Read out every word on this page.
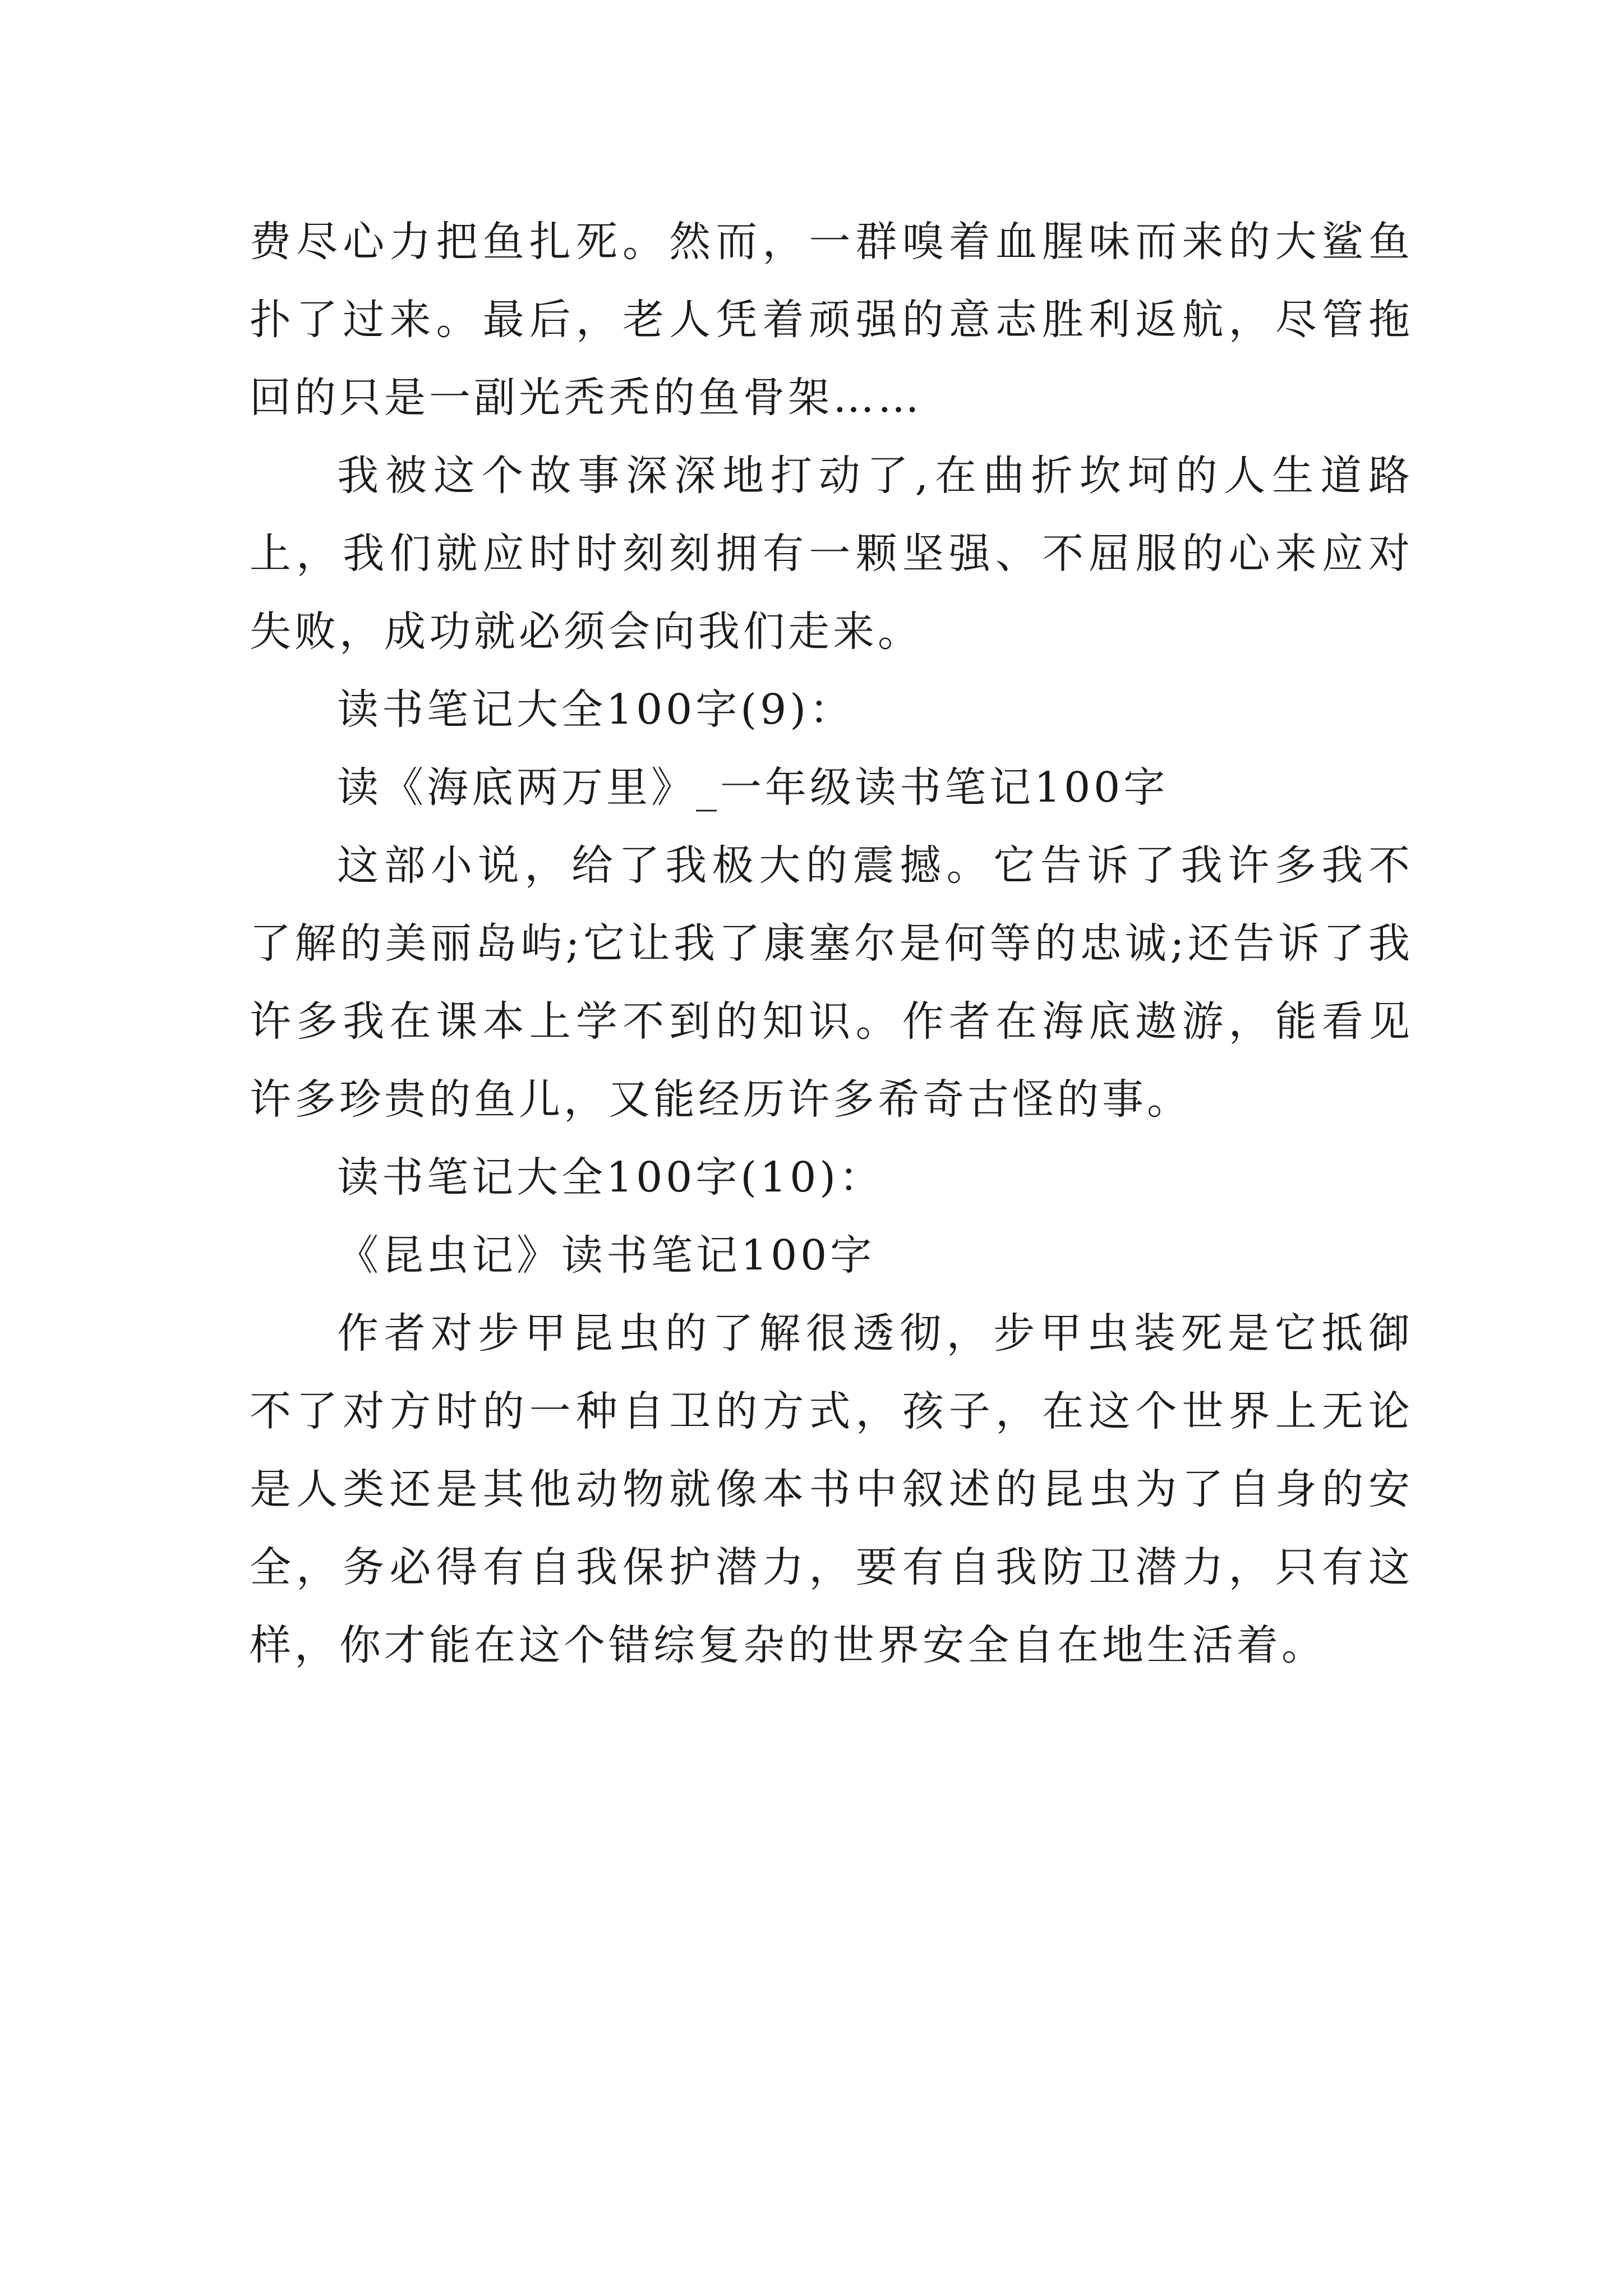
费尽心力把鱼扎死。然而，一群嗅着血腥味而来的大鲨鱼扑了过来。最后，老人凭着顽强的意志胜利返航，尽管拖回的只是一副光秃秃的鱼骨架……

我被这个故事深深地打动了,在曲折坎坷的人生道路上，我们就应时时刻刻拥有一颗坚强、不屈服的心来应对失败，成功就必须会向我们走来。

读书笔记大全100字(9)：

读《海底两万里》_一年级读书笔记100字

这部小说，给了我极大的震撼。它告诉了我许多我不了解的美丽岛屿;它让我了康塞尔是何等的忠诚;还告诉了我许多我在课本上学不到的知识。作者在海底遨游，能看见许多珍贵的鱼儿，又能经历许多希奇古怪的事。

读书笔记大全100字(10)：

《昆虫记》读书笔记100字

作者对步甲昆虫的了解很透彻，步甲虫装死是它抵御不了对方时的一种自卫的方式，孩子，在这个世界上无论是人类还是其他动物就像本书中叙述的昆虫为了自身的安全，务必得有自我保护潜力，要有自我防卫潜力，只有这样，你才能在这个错综复杂的世界安全自在地生活着。
